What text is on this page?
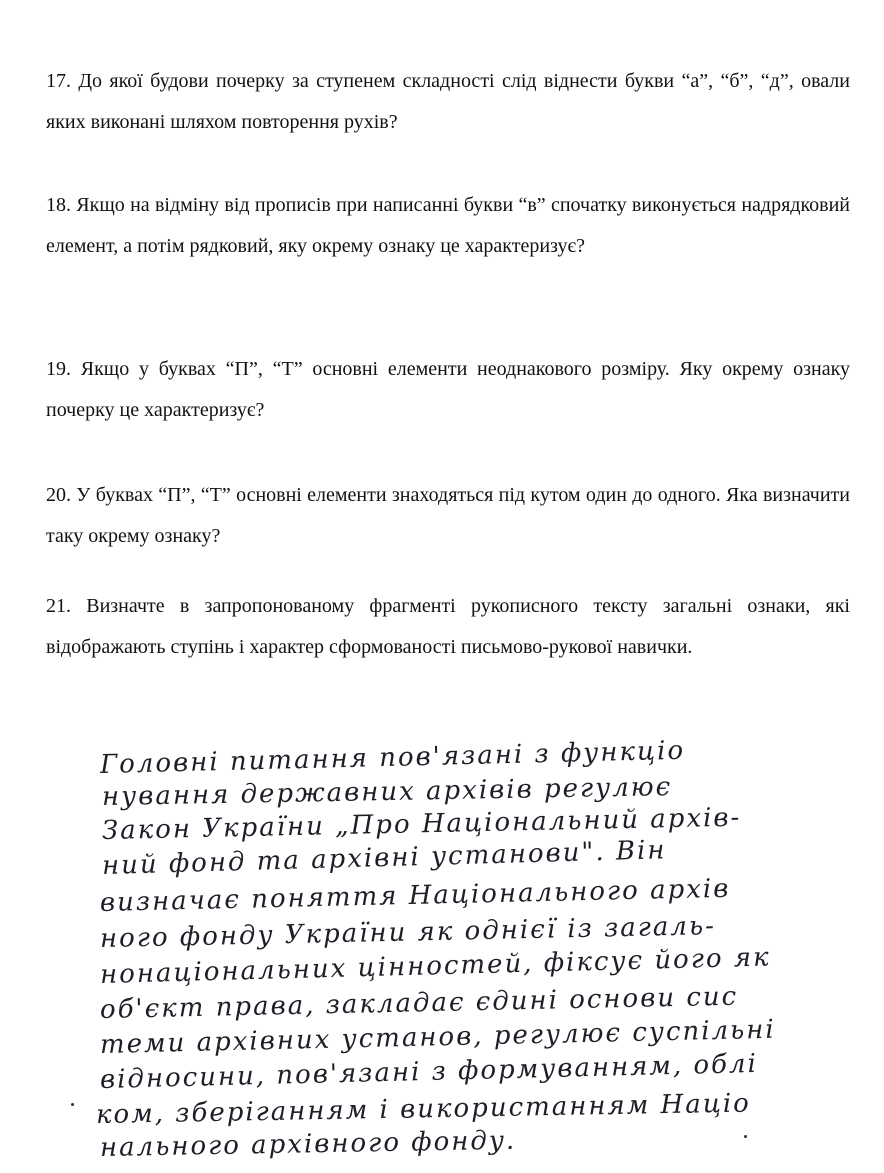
17. До якої будови почерку за ступенем складності слід віднести букви “а”, “б”, “д”, овали яких виконані шляхом повторення рухів?

18. Якщо на відміну від прописів при написанні букви “в” спочатку виконується надрядковий елемент, а потім рядковий, яку окрему ознаку це характеризує?

19. Якщо у буквах “П”, “Т” основні елементи неоднакового розміру. Яку окрему ознаку почерку це характеризує?

20. У буквах “П”, “Т” основні елементи знаходяться під кутом один до одного. Яка визначити таку окрему ознаку?

21. Визначте в запропонованому фрагменті рукописного тексту загальні ознаки, які відображають ступінь і характер сформованості письмово-рукової навички.

Головні питання пов'язані з функціо
нування державних архівів регулює
Закон України „Про Національний архів-
ний фонд та архівні установи". Він
визначає поняття Національного архів
ного фонду України як однієї із загаль-
нонаціональних цінностей, фіксує його як
об'єкт права, закладає єдині основи сис
теми архівних установ, регулює суспільні
відносини, пов'язані з формуванням, облі
ком, зберіганням і використанням Націо
нального архівного фонду.
